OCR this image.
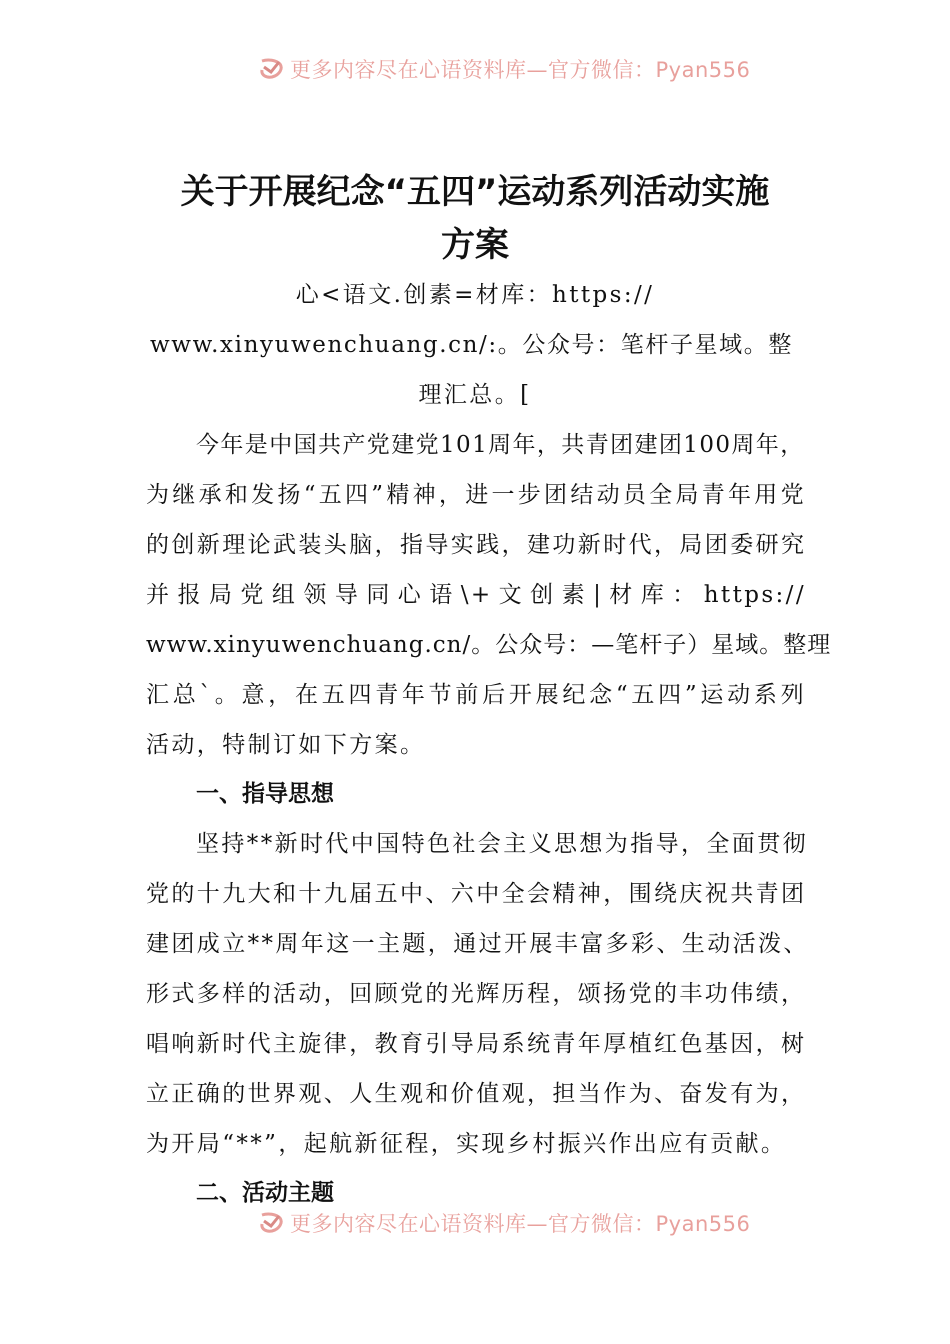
更多内容尽在心语资料库—官方微信：Pyan556
关于开展纪念“五四”运动系列活动实施
方案
心<语文.创素=材库：https://
www.xinyuwenchuang.cn/:。公众号：笔杆子星域。整
理汇总。[
今年是中国共产党建党101周年，共青团建团100周年，
为继承和发扬“五四”精神，进一步团结动员全局青年用党
的创新理论武装头脑，指导实践，建功新时代，局团委研究
并报局党组领导同心语\+文创素|材库：https://
www.xinyuwenchuang.cn/。公众号：—笔杆子）星域。整理
汇总`。意，在五四青年节前后开展纪念“五四”运动系列
活动，特制订如下方案。
一、指导思想
坚持**新时代中国特色社会主义思想为指导，全面贯彻
党的十九大和十九届五中、六中全会精神，围绕庆祝共青团
建团成立**周年这一主题，通过开展丰富多彩、生动活泼、
形式多样的活动，回顾党的光辉历程，颂扬党的丰功伟绩，
唱响新时代主旋律，教育引导局系统青年厚植红色基因，树
立正确的世界观、人生观和价值观，担当作为、奋发有为，
为开局“**”，起航新征程，实现乡村振兴作出应有贡献。
二、活动主题
更多内容尽在心语资料库—官方微信：Pyan556
